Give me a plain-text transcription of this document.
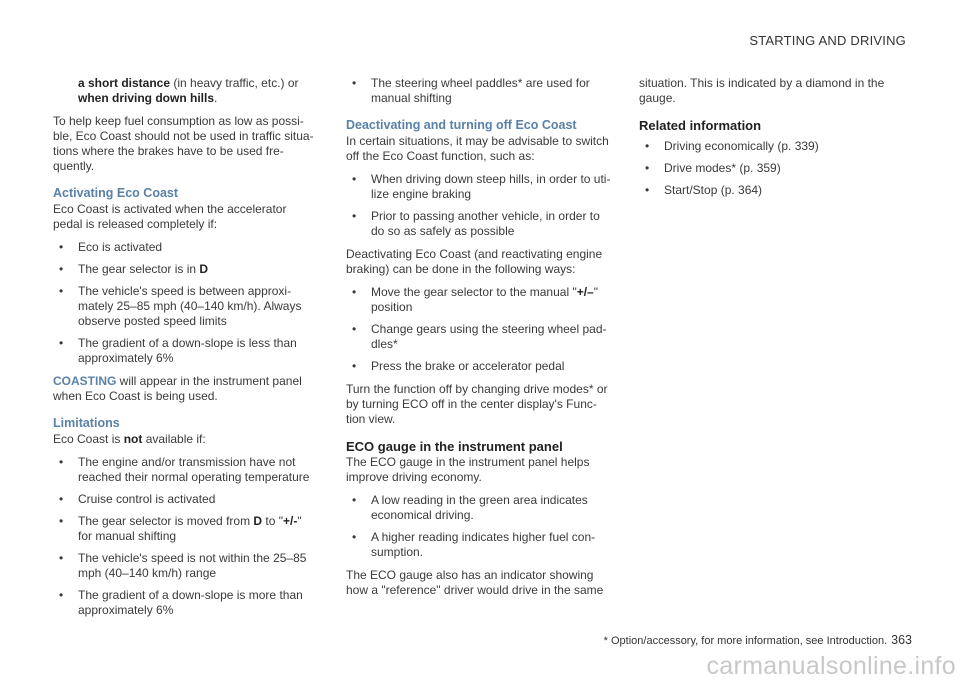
STARTING AND DRIVING

a short distance (in heavy traffic, etc.) or when driving down hills.

To help keep fuel consumption as low as possi-ble, Eco Coast should not be used in traffic situa-tions where the brakes have to be used fre-quently.

Activating Eco Coast

Eco Coast is activated when the accelerator pedal is released completely if:

• Eco is activated
• The gear selector is in D
• The vehicle's speed is between approxi-mately 25–85 mph (40–140 km/h). Always observe posted speed limits
• The gradient of a down-slope is less than approximately 6%

COASTING will appear in the instrument panel when Eco Coast is being used.

Limitations

Eco Coast is not available if:

• The engine and/or transmission have not reached their normal operating temperature
• Cruise control is activated
• The gear selector is moved from D to "+/-" for manual shifting
• The vehicle's speed is not within the 25–85 mph (40–140 km/h) range
• The gradient of a down-slope is more than approximately 6%
• The steering wheel paddles* are used for manual shifting
Deactivating and turning off Eco Coast

In certain situations, it may be advisable to switch off the Eco Coast function, such as:

• When driving down steep hills, in order to uti-lize engine braking
• Prior to passing another vehicle, in order to do so as safely as possible

Deactivating Eco Coast (and reactivating engine braking) can be done in the following ways:

• Move the gear selector to the manual "+/–" position
• Change gears using the steering wheel pad-dles*
• Press the brake or accelerator pedal

Turn the function off by changing drive modes* or by turning ECO off in the center display's Func-tion view.

ECO gauge in the instrument panel

The ECO gauge in the instrument panel helps improve driving economy.

• A low reading in the green area indicates economical driving.
• A higher reading indicates higher fuel con-sumption.

The ECO gauge also has an indicator showing how a "reference" driver would drive in the same

situation. This is indicated by a diamond in the gauge.

Related information
• Driving economically (p. 339)
• Drive modes* (p. 359)
• Start/Stop (p. 364)
* Option/accessory, for more information, see Introduction. 363
carmanualsonline.info
